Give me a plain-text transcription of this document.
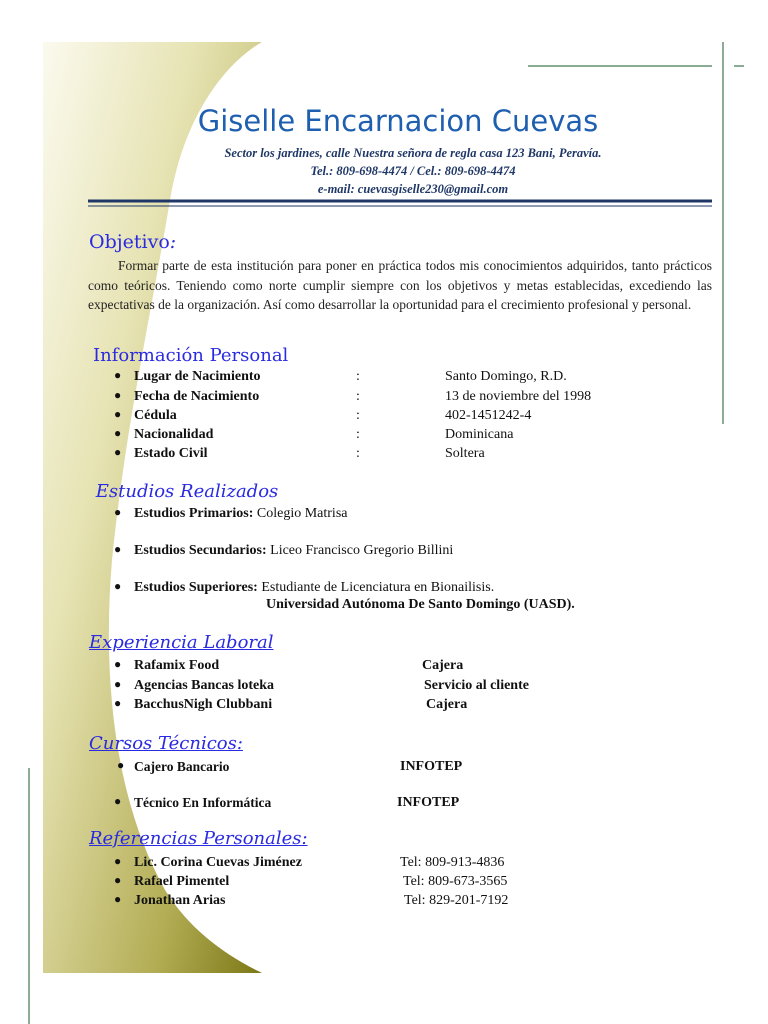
Giselle Encarnacion Cuevas
Sector los jardines, calle Nuestra señora de regla casa 123 Bani, Peravía.
Tel.: 809-698-4474 / Cel.: 809-698-4474
e-mail: cuevasgiselle230@gmail.com
Objetivo:
Formar parte de esta institución para poner en práctica todos mis conocimientos adquiridos, tanto prácticos como teóricos. Teniendo como norte cumplir siempre con los objetivos y metas establecidas, excediendo las expectativas de la organización. Así como desarrollar la oportunidad para el crecimiento profesional y personal.
Información Personal
● Lugar de Nacimiento	:	Santo Domingo, R.D.
● Fecha de Nacimiento	:	13 de noviembre del 1998
● Cédula	:	402-1451242-4
● Nacionalidad	:	Dominicana
● Estado Civil	:	Soltera
Estudios Realizados
● Estudios Primarios: Colegio Matrisa
● Estudios Secundarios: Liceo Francisco Gregorio Billini
● Estudios Superiores: Estudiante de Licenciatura en Bionailisis.
Universidad Autónoma De Santo Domingo (UASD).
Experiencia Laboral
● Rafamix Food	Cajera
● Agencias Bancas loteka	Servicio al cliente
● BacchusNigh Clubbani	Cajera
Cursos Técnicos:
● Cajero Bancario	INFOTEP
● Técnico En Informática	INFOTEP
Referencias Personales:
● Lic. Corina Cuevas Jiménez	Tel: 809-913-4836
● Rafael Pimentel	Tel: 809-673-3565
● Jonathan Arias	Tel: 829-201-7192
